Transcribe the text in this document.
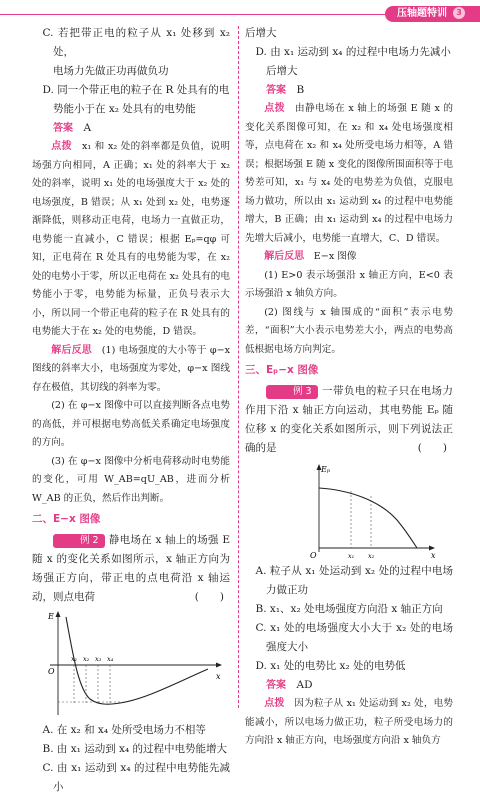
压轴题特训 3

C. 若把带正电的粒子从 x₁ 处移到 x₂ 处，
电场力先做正功再做负功

D. 同一个带正电的粒子在 R 处具有的电
势能小于在 x₂ 处具有的电势能

答案　 A

点拨　 x₁ 和 x₂ 处的斜率都是负值，说明场强方向相同，A 正确；x₁ 处的斜率大于 x₂ 处的斜率，说明 x₁ 处的电场强度大于 x₂ 处的电场强度，B 错误；从 x₁ 处到 x₂ 处，电势逐渐降低，则移动正电荷，电场力一直做正功，电势能一直减小，C 错误；根据 Eₚ=qφ 可知，正电荷在 R 处具有的电势能为零，在 x₂ 处的电势小于零，所以正电荷在 x₂ 处具有的电势能小于零，电势能为标量，正负号表示大小，所以同一个带正电荷的粒子在 R 处具有的电势能大于在 x₂ 处的电势能，D 错误。

解后反思　 (1) 电场强度的大小等于 φ−x 图线的斜率大小，电场强度为零处，φ−x 图线存在极值，其切线的斜率为零。

(2) 在 φ−x 图像中可以直接判断各点电势的高低，并可根据电势高低关系确定电场强度的方向。

(3) 在 φ−x 图像中分析电荷移动时电势能的变化，可用 W_AB=qU_AB，进而分析 W_AB 的正负，然后作出判断。

二、E−x 图像

例 2 静电场在 x 轴上的场强 E 随 x 的变化关系如图所示，x 轴正方向为场强正方向，带正电的点电荷沿 x 轴运动，则点电荷	(　　)

E
x
O
x₁ x₂ x₃ x₄

A. 在 x₂ 和 x₄ 处所受电场力不相等

B. 由 x₁ 运动到 x₄ 的过程中电势能增大

C. 由 x₁ 运动到 x₄ 的过程中电势能先减小

后增大

D. 由 x₁ 运动到 x₄ 的过程中电场力先减小
后增大

答案　 B

点拨　 由静电场在 x 轴上的场强 E 随 x 的变化关系图像可知，在 x₂ 和 x₄ 处电场强度相等，点电荷在 x₂ 和 x₄ 处所受电场力相等，A 错误；根据场强 E 随 x 变化的图像所围面积等于电势差可知，x₁ 与 x₄ 处的电势差为负值，克服电场力做功，所以由 x₁ 运动到 x₄ 的过程中电势能增大，B 正确；由 x₁ 运动到 x₄ 的过程中电场力先增大后减小，电势能一直增大，C、D 错误。

解后反思　 E−x 图像

(1) E>0 表示场强沿 x 轴正方向，E<0 表示场强沿 x 轴负方向。

(2) 图线与 x 轴围成的“面积”表示电势差，“面积”大小表示电势差大小，两点的电势高低根据电场方向判定。

三、Eₚ−x 图像

例 3 一带负电的粒子只在电场力作用下沿 x 轴正方向运动，其电势能 Eₚ 随位移 x 的变化关系如图所示，则下列说法正确的是	(　　)

Eₚ
x
O	x₁ x₂

A. 粒子从 x₁ 处运动到 x₂ 处的过程中电场力做正功

B. x₁、x₂ 处电场强度方向沿 x 轴正方向

C. x₁ 处的电场强度大小大于 x₂ 处的电场强度大小

D. x₁ 处的电势比 x₂ 处的电势低

答案　 AD

点拨　 因为粒子从 x₁ 处运动到 x₂ 处，电势能减小，所以电场力做正功，粒子所受电场力的方向沿 x 轴正方向，电场强度方向沿 x 轴负方
